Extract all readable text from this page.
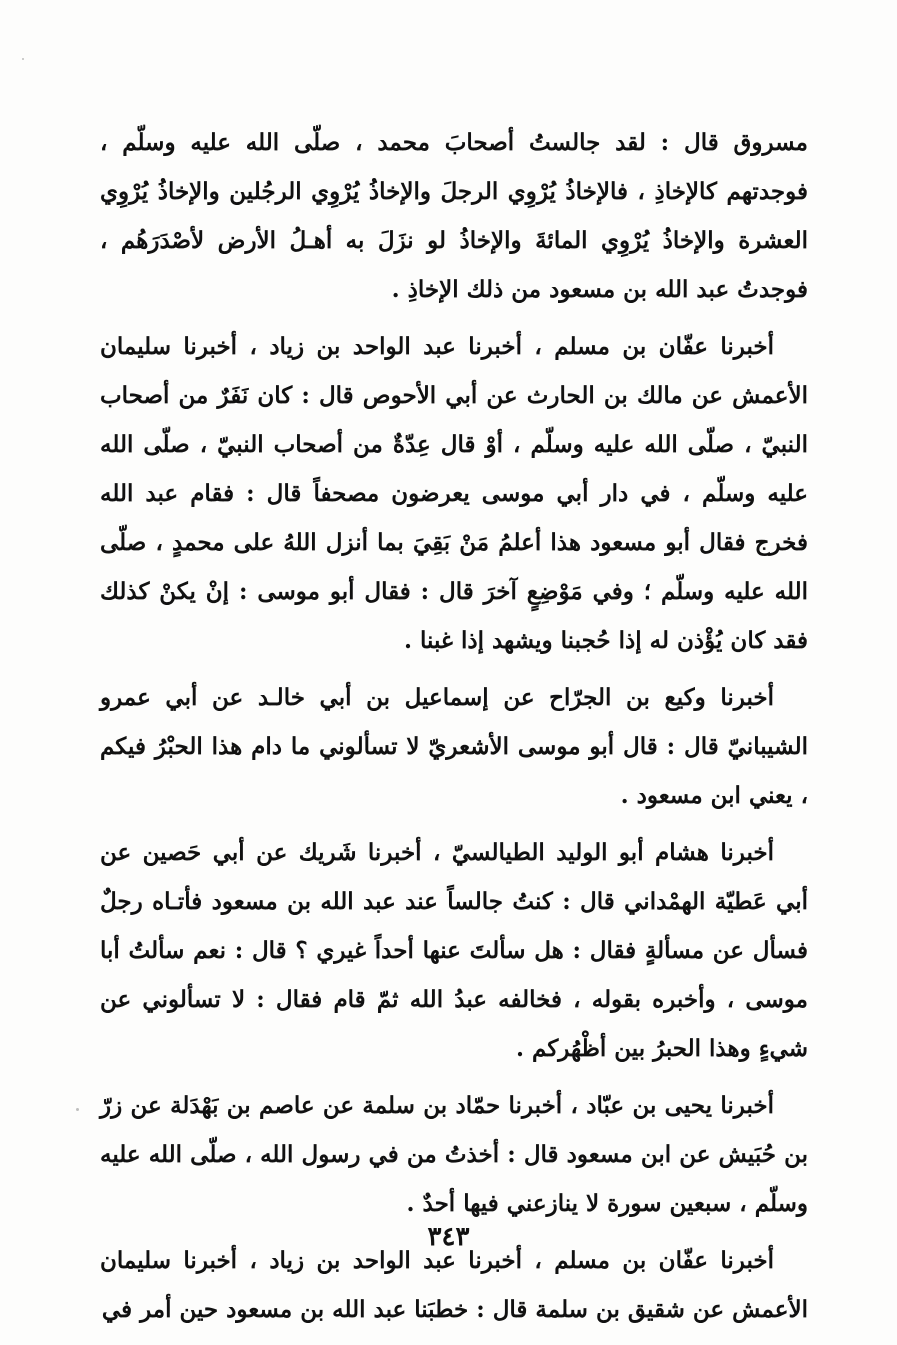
مسروق قال : لقد جالستُ أصحابَ محمد ، صلّى الله عليه وسلّم ، فوجدتهم كالإخاذِ ، فالإخاذُ يُرْوِي الرجلَ والإخاذُ يُرْوِي الرجُلين والإخاذُ يُرْوِي العشرة والإخاذُ يُرْوِي المائةَ والإخاذُ لو نزَلَ به أهـلُ الأرض لأصْدَرَهُم ، فوجدتُ عبد الله بن مسعود من ذلك الإخاذِ .

أخبرنا عفّان بن مسلم ، أخبرنا عبد الواحد بن زياد ، أخبرنا سليمان الأعمش عن مالك بن الحارث عن أبي الأحوص قال : كان نَفَرٌ من أصحاب النبيّ ، صلّى الله عليه وسلّم ، أوْ قال عِدّةٌ من أصحاب النبيّ ، صلّى الله عليه وسلّم ، في دار أبي موسى يعرضون مصحفاً قال : فقام عبد الله فخرج فقال أبو مسعود هذا أعلمُ مَنْ بَقِيَ بما أنزل اللهُ على محمدٍ ، صلّى الله عليه وسلّم ؛ وفي مَوْضِعٍ آخرَ قال : فقال أبو موسى : إنْ يكنْ كذلك فقد كان يُؤْذن له إذا حُجبنا ويشهد إذا غبنا .

أخبرنا وكيع بن الجرّاح عن إسماعيل بن أبي خالـد عن أبي عمرو الشيبانيّ قال : قال أبو موسى الأشعريّ لا تسألوني ما دام هذا الحبْرُ فيكم ، يعني ابن مسعود .

أخبرنا هشام أبو الوليد الطيالسيّ ، أخبرنا شَريك عن أبي حَصين عن أبي عَطيّة الهمْداني قال : كنتُ جالساً عند عبد الله بن مسعود فأتـاه رجلٌ فسأل عن مسألةٍ فقال : هل سألتَ عنها أحداً غيري ؟ قال : نعم سألتُ أبا موسى ، وأخبره بقوله ، فخالفه عبدُ الله ثمّ قام فقال : لا تسألوني عن شيءٍ وهذا الحبرُ بين أظْهُركم .

أخبرنا يحيى بن عبّاد ، أخبرنا حمّاد بن سلمة عن عاصم بن بَهْدَلة عن زرّ بن حُبَيش عن ابن مسعود قال : أخذتُ من في رسول الله ، صلّى الله عليه وسلّم ، سبعين سورة لا ينازعني فيها أحدٌ .

أخبرنا عفّان بن مسلم ، أخبرنا عبد الواحد بن زياد ، أخبرنا سليمان الأعمش عن شقيق بن سلمة قال : خطبَنا عبد الله بن مسعود حين أمر في

٣٤٣
